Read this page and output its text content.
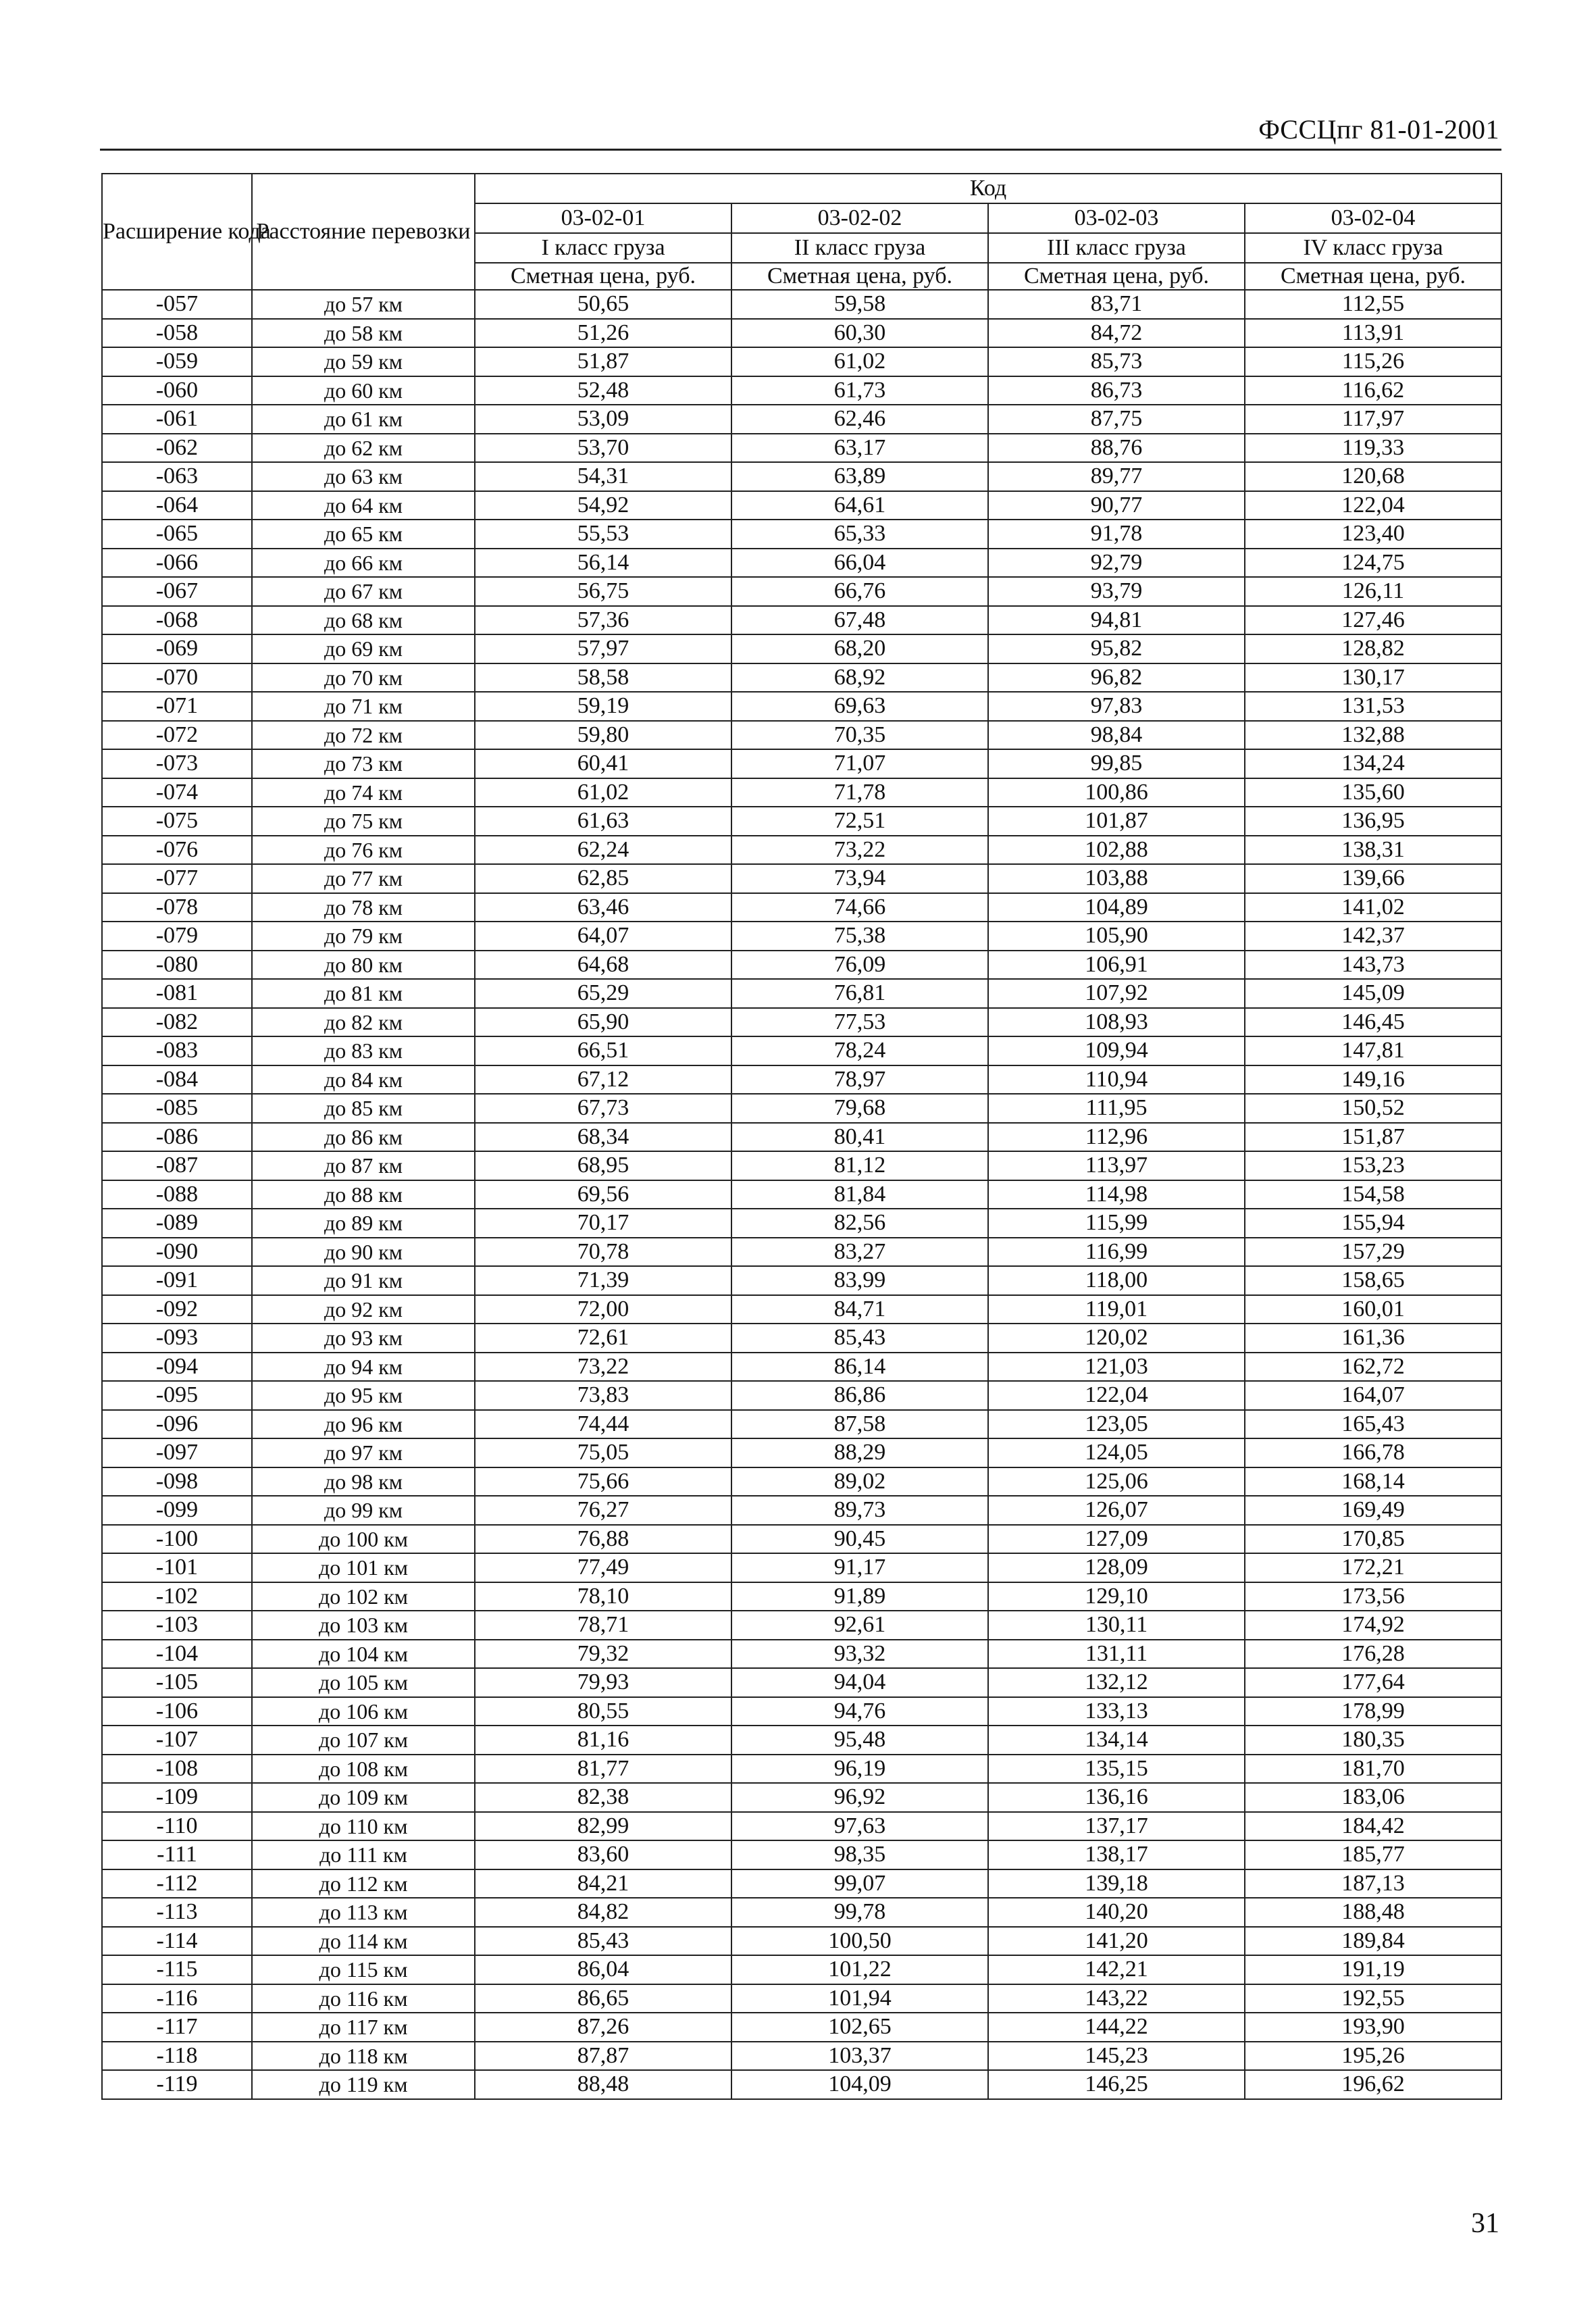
ФССЦпг 81-01-2001
Расширение кода	Расстояние перевозки	Код			
		03-02-01	03-02-02	03-02-03	03-02-04
		I класс груза	II класс груза	III класс груза	IV класс груза
		Сметная цена, руб.	Сметная цена, руб.	Сметная цена, руб.	Сметная цена, руб.
-057	до 57 км	50,65	59,58	83,71	112,55
-058	до 58 км	51,26	60,30	84,72	113,91
-059	до 59 км	51,87	61,02	85,73	115,26
-060	до 60 км	52,48	61,73	86,73	116,62
-061	до 61 км	53,09	62,46	87,75	117,97
-062	до 62 км	53,70	63,17	88,76	119,33
-063	до 63 км	54,31	63,89	89,77	120,68
-064	до 64 км	54,92	64,61	90,77	122,04
-065	до 65 км	55,53	65,33	91,78	123,40
-066	до 66 км	56,14	66,04	92,79	124,75
-067	до 67 км	56,75	66,76	93,79	126,11
-068	до 68 км	57,36	67,48	94,81	127,46
-069	до 69 км	57,97	68,20	95,82	128,82
-070	до 70 км	58,58	68,92	96,82	130,17
-071	до 71 км	59,19	69,63	97,83	131,53
-072	до 72 км	59,80	70,35	98,84	132,88
-073	до 73 км	60,41	71,07	99,85	134,24
-074	до 74 км	61,02	71,78	100,86	135,60
-075	до 75 км	61,63	72,51	101,87	136,95
-076	до 76 км	62,24	73,22	102,88	138,31
-077	до 77 км	62,85	73,94	103,88	139,66
-078	до 78 км	63,46	74,66	104,89	141,02
-079	до 79 км	64,07	75,38	105,90	142,37
-080	до 80 км	64,68	76,09	106,91	143,73
-081	до 81 км	65,29	76,81	107,92	145,09
-082	до 82 км	65,90	77,53	108,93	146,45
-083	до 83 км	66,51	78,24	109,94	147,81
-084	до 84 км	67,12	78,97	110,94	149,16
-085	до 85 км	67,73	79,68	111,95	150,52
-086	до 86 км	68,34	80,41	112,96	151,87
-087	до 87 км	68,95	81,12	113,97	153,23
-088	до 88 км	69,56	81,84	114,98	154,58
-089	до 89 км	70,17	82,56	115,99	155,94
-090	до 90 км	70,78	83,27	116,99	157,29
-091	до 91 км	71,39	83,99	118,00	158,65
-092	до 92 км	72,00	84,71	119,01	160,01
-093	до 93 км	72,61	85,43	120,02	161,36
-094	до 94 км	73,22	86,14	121,03	162,72
-095	до 95 км	73,83	86,86	122,04	164,07
-096	до 96 км	74,44	87,58	123,05	165,43
-097	до 97 км	75,05	88,29	124,05	166,78
-098	до 98 км	75,66	89,02	125,06	168,14
-099	до 99 км	76,27	89,73	126,07	169,49
-100	до 100 км	76,88	90,45	127,09	170,85
-101	до 101 км	77,49	91,17	128,09	172,21
-102	до 102 км	78,10	91,89	129,10	173,56
-103	до 103 км	78,71	92,61	130,11	174,92
-104	до 104 км	79,32	93,32	131,11	176,28
-105	до 105 км	79,93	94,04	132,12	177,64
-106	до 106 км	80,55	94,76	133,13	178,99
-107	до 107 км	81,16	95,48	134,14	180,35
-108	до 108 км	81,77	96,19	135,15	181,70
-109	до 109 км	82,38	96,92	136,16	183,06
-110	до 110 км	82,99	97,63	137,17	184,42
-111	до 111 км	83,60	98,35	138,17	185,77
-112	до 112 км	84,21	99,07	139,18	187,13
-113	до 113 км	84,82	99,78	140,20	188,48
-114	до 114 км	85,43	100,50	141,20	189,84
-115	до 115 км	86,04	101,22	142,21	191,19
-116	до 116 км	86,65	101,94	143,22	192,55
-117	до 117 км	87,26	102,65	144,22	193,90
-118	до 118 км	87,87	103,37	145,23	195,26
-119	до 119 км	88,48	104,09	146,25	196,62
31
